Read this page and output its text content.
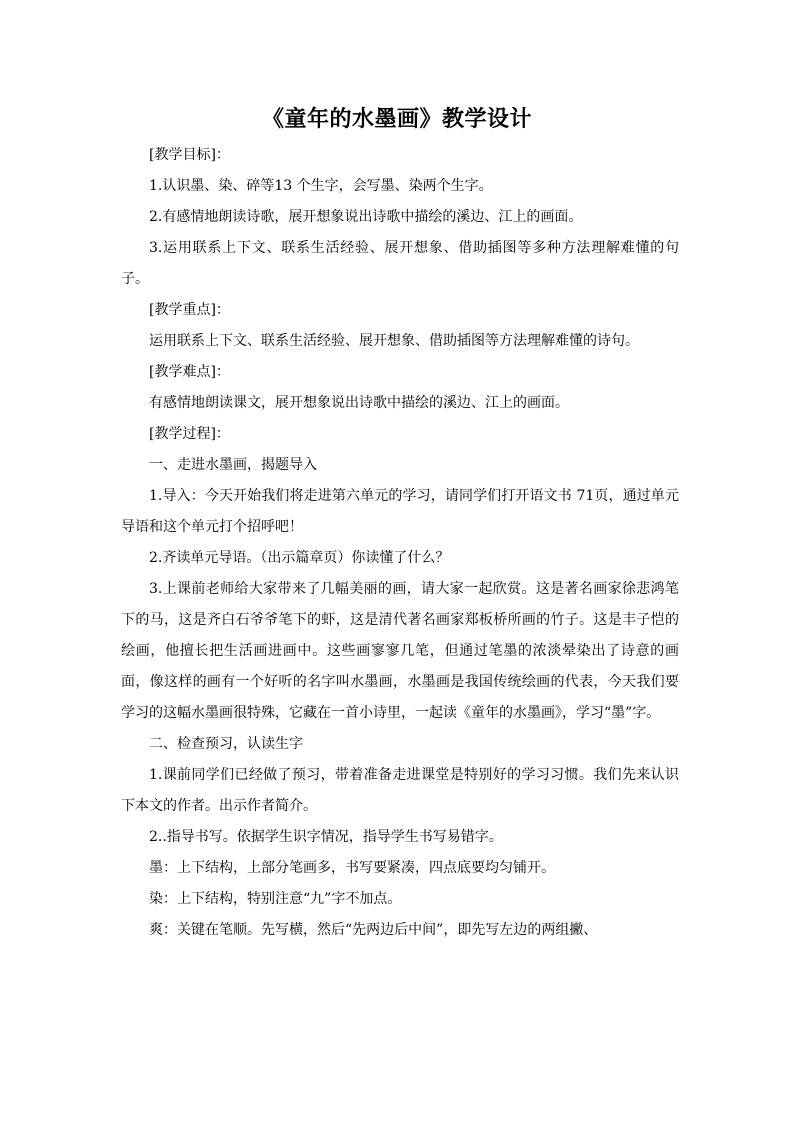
《童年的水墨画》教学设计

[教学目标]：

1.认识墨、染、碎等13 个生字，会写墨、染两个生字。

2.有感情地朗读诗歌，展开想象说出诗歌中描绘的溪边、江上的画面。

3.运用联系上下文、联系生活经验、展开想象、借助插图等多种方法理解难懂的句子。

[教学重点]：

运用联系上下文、联系生活经验、展开想象、借助插图等方法理解难懂的诗句。

[教学难点]：

有感情地朗读课文，展开想象说出诗歌中描绘的溪边、江上的画面。

[教学过程]：

一、走进水墨画，揭题导入

1.导入：今天开始我们将走进第六单元的学习，请同学们打开语文书 71页，通过单元导语和这个单元打个招呼吧！

2.齐读单元导语。（出示篇章页）你读懂了什么？

3.上课前老师给大家带来了几幅美丽的画，请大家一起欣赏。这是著名画家徐悲鸿笔下的马，这是齐白石爷爷笔下的虾，这是清代著名画家郑板桥所画的竹子。这是丰子恺的绘画，他擅长把生活画进画中。这些画寥寥几笔，但通过笔墨的浓淡晕染出了诗意的画面，像这样的画有一个好听的名字叫水墨画，水墨画是我国传统绘画的代表，今天我们要学习的这幅水墨画很特殊，它藏在一首小诗里，一起读《童年的水墨画》，学习“墨”字。

二、检查预习，认读生字

1.课前同学们已经做了预习，带着准备走进课堂是特别好的学习习惯。我们先来认识下本文的作者。出示作者简介。

2..指导书写。依据学生识字情况，指导学生书写易错字。

墨：上下结构，上部分笔画多，书写要紧凑，四点底要均匀铺开。

染：上下结构，特别注意“九”字不加点。

爽：关键在笔顺。先写横，然后“先两边后中间”，即先写左边的两组撇、
